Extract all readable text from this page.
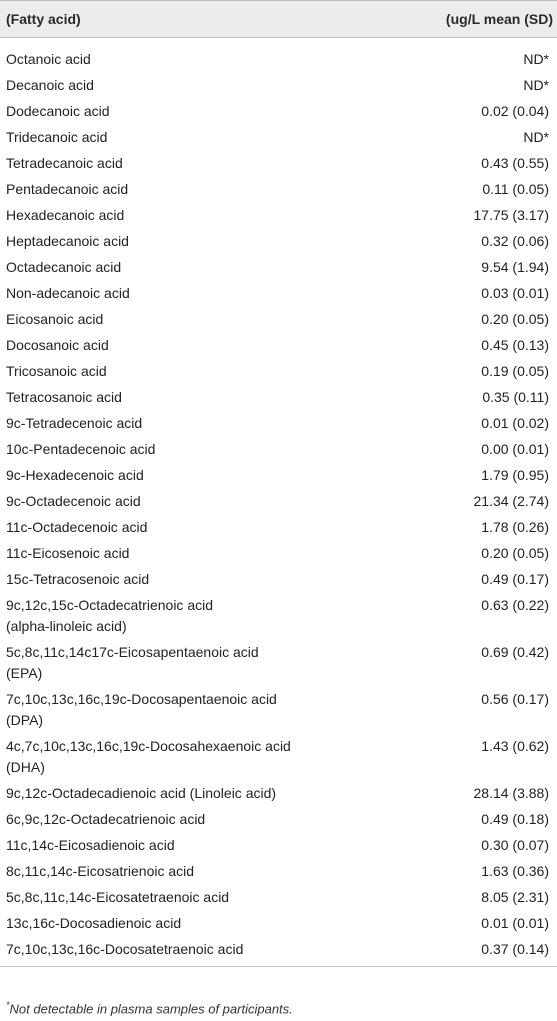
(Fatty acid)	(ug/L mean (SD)
Octanoic acid	ND*
Decanoic acid	ND*
Dodecanoic acid	0.02 (0.04)
Tridecanoic acid	ND*
Tetradecanoic acid	0.43 (0.55)
Pentadecanoic acid	0.11 (0.05)
Hexadecanoic acid	17.75 (3.17)
Heptadecanoic acid	0.32 (0.06)
Octadecanoic acid	9.54 (1.94)
Non-adecanoic acid	0.03 (0.01)
Eicosanoic acid	0.20 (0.05)
Docosanoic acid	0.45 (0.13)
Tricosanoic acid	0.19 (0.05)
Tetracosanoic acid	0.35 (0.11)
9c-Tetradecenoic acid	0.01 (0.02)
10c-Pentadecenoic acid	0.00 (0.01)
9c-Hexadecenoic acid	1.79 (0.95)
9c-Octadecenoic acid	21.34 (2.74)
11c-Octadecenoic acid	1.78 (0.26)
11c-Eicosenoic acid	0.20 (0.05)
15c-Tetracosenoic acid	0.49 (0.17)
9c,12c,15c-Octadecatrienoic acid
(alpha-linoleic acid)	0.63 (0.22)
5c,8c,11c,14c17c-Eicosapentaenoic acid
(EPA)	0.69 (0.42)
7c,10c,13c,16c,19c-Docosapentaenoic acid
(DPA)	0.56 (0.17)
4c,7c,10c,13c,16c,19c-Docosahexaenoic acid
(DHA)	1.43 (0.62)
9c,12c-Octadecadienoic acid (Linoleic acid)	28.14 (3.88)
6c,9c,12c-Octadecatrienoic acid	0.49 (0.18)
11c,14c-Eicosadienoic acid	0.30 (0.07)
8c,11c,14c-Eicosatrienoic acid	1.63 (0.36)
5c,8c,11c,14c-Eicosatetraenoic acid	8.05 (2.31)
13c,16c-Docosadienoic acid	0.01 (0.01)
7c,10c,13c,16c-Docosatetraenoic acid	0.37 (0.14)
*Not detectable in plasma samples of participants.
